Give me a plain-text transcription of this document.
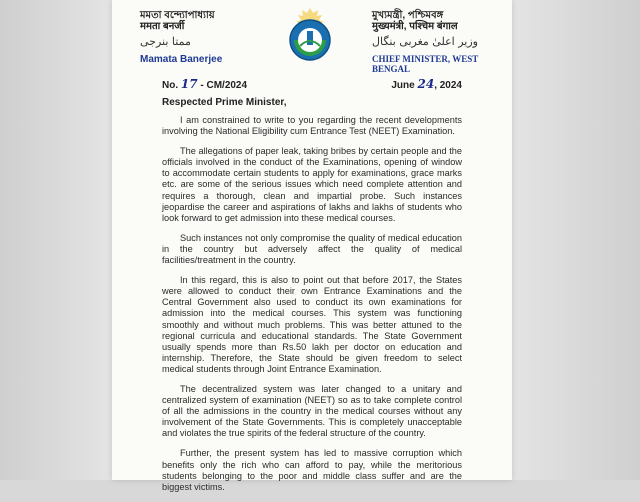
মমতা বন্দ্যোপাধ্যায়
ममता बनर्जी
ممتا بنرجی
Mamata Banerjee
মুখ্যমন্ত্রী, পশ্চিমবঙ্গ
मुख्यमंत्री, पश्चिम बंगाल
وزیر اعلیٰ مغربی بنگال
CHIEF MINISTER, WEST BENGAL
No. 17 - CM/2024	June 24, 2024
Respected Prime Minister,

I am constrained to write to you regarding the recent developments involving the National Eligibility cum Entrance Test (NEET) Examination.

The allegations of paper leak, taking bribes by certain people and the officials involved in the conduct of the Examinations, opening of window to accommodate certain students to apply for examinations, grace marks etc. are some of the serious issues which need complete attention and requires a thorough, clean and impartial probe. Such instances jeopardise the career and aspirations of lakhs and lakhs of students who look forward to get admission into these medical courses.

Such instances not only compromise the quality of medical education in the country but adversely affect the quality of medical facilities/treatment in the country.

In this regard, this is also to point out that before 2017, the States were allowed to conduct their own Entrance Examinations and the Central Government also used to conduct its own examinations for admission into the medical courses. This system was functioning smoothly and without much problems. This was better attuned to the regional curricula and educational standards. The State Government usually spends more than Rs.50 lakh per doctor on education and internship. Therefore, the State should be given freedom to select medical students through Joint Entrance Examination.

The decentralized system was later changed to a unitary and centralized system of examination (NEET) so as to take complete control of all the admissions in the country in the medical courses without any involvement of the State Governments. This is completely unacceptable and violates the true spirits of the federal structure of the country.

Further, the present system has led to massive corruption which benefits only the rich who can afford to pay, while the meritorious students belonging to the poor and middle class suffer and are the biggest victims.
